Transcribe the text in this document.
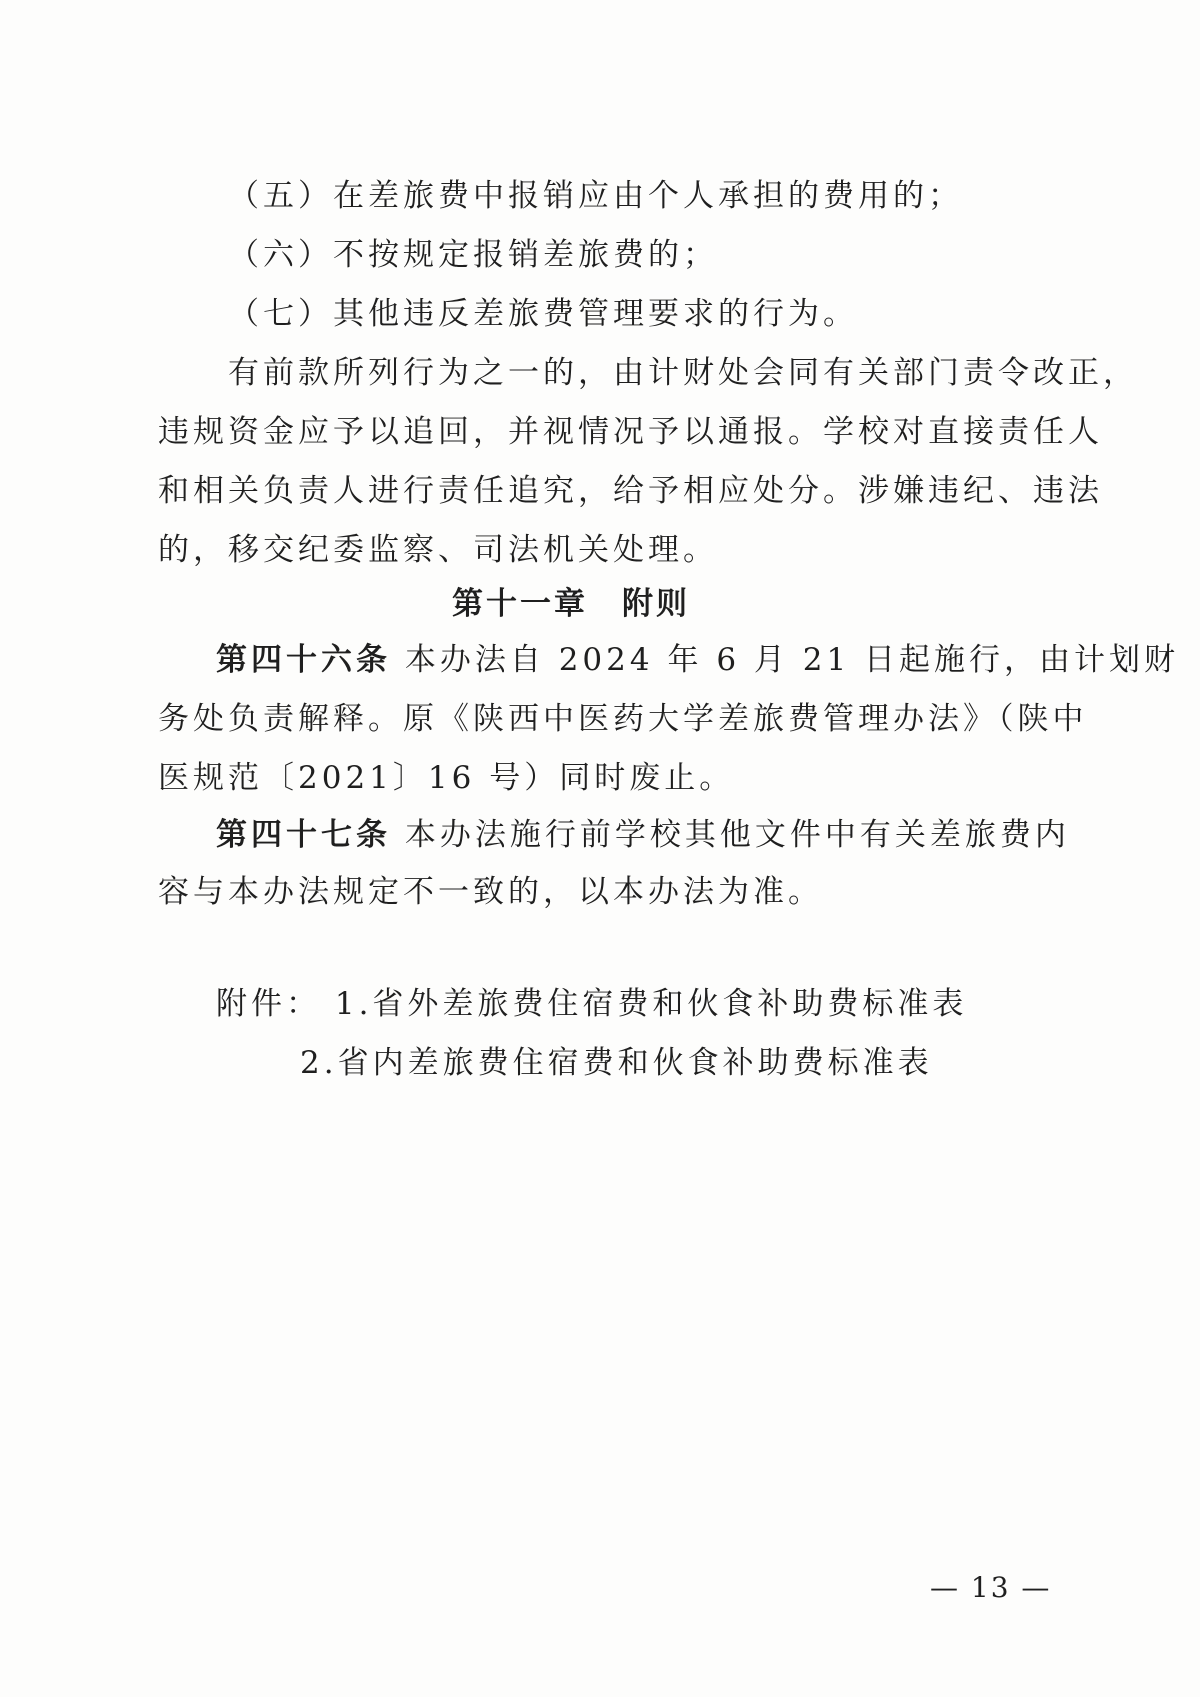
（五）在差旅费中报销应由个人承担的费用的；
（六）不按规定报销差旅费的；
（七）其他违反差旅费管理要求的行为。
有前款所列行为之一的，由计财处会同有关部门责令改正，
违规资金应予以追回，并视情况予以通报。学校对直接责任人
和相关负责人进行责任追究，给予相应处分。涉嫌违纪、违法
的，移交纪委监察、司法机关处理。
第十一章　附则
第四十六条 本办法自 2024 年 6 月 21 日起施行，由计划财
务处负责解释。原《陕西中医药大学差旅费管理办法》（陕中
医规范〔2021〕16 号）同时废止。
第四十七条 本办法施行前学校其他文件中有关差旅费内
容与本办法规定不一致的，以本办法为准。
附件： 1.省外差旅费住宿费和伙食补助费标准表
2.省内差旅费住宿费和伙食补助费标准表
— 13 —
